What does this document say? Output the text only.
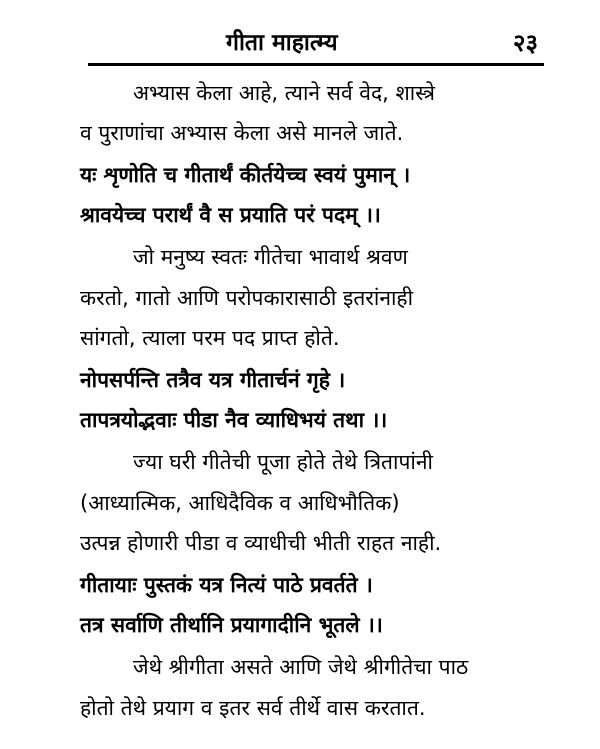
गीता माहात्म्य	२३
अभ्यास केला आहे, त्याने सर्व वेद, शास्त्रे
व पुराणांचा अभ्यास केला असे मानले जाते.
यः शृणोति च गीतार्थं कीर्तयेच्च स्वयं पुमान् ।
श्रावयेच्च परार्थं वै स प्रयाति परं पदम् ।।
जो मनुष्य स्वतः गीतेचा भावार्थ श्रवण
करतो, गातो आणि परोपकारासाठी इतरांनाही
सांगतो, त्याला परम पद प्राप्त होते.
नोपसर्पन्ति तत्रैव यत्र गीतार्चनं गृहे ।
तापत्रयोद्भवाः पीडा नैव व्याधिभयं तथा ।।
ज्या घरी गीतेची पूजा होते तेथे त्रितापांनी
(आध्यात्मिक, आधिदैविक व आधिभौतिक)
उत्पन्न होणारी पीडा व व्याधीची भीती राहत नाही.
गीतायाः पुस्तकं यत्र नित्यं पाठे प्रवर्तते ।
तत्र सर्वाणि तीर्थानि प्रयागादीनि भूतले ।।
जेथे श्रीगीता असते आणि जेथे श्रीगीतेचा पाठ
होतो तेथे प्रयाग व इतर सर्व तीर्थे वास करतात.
